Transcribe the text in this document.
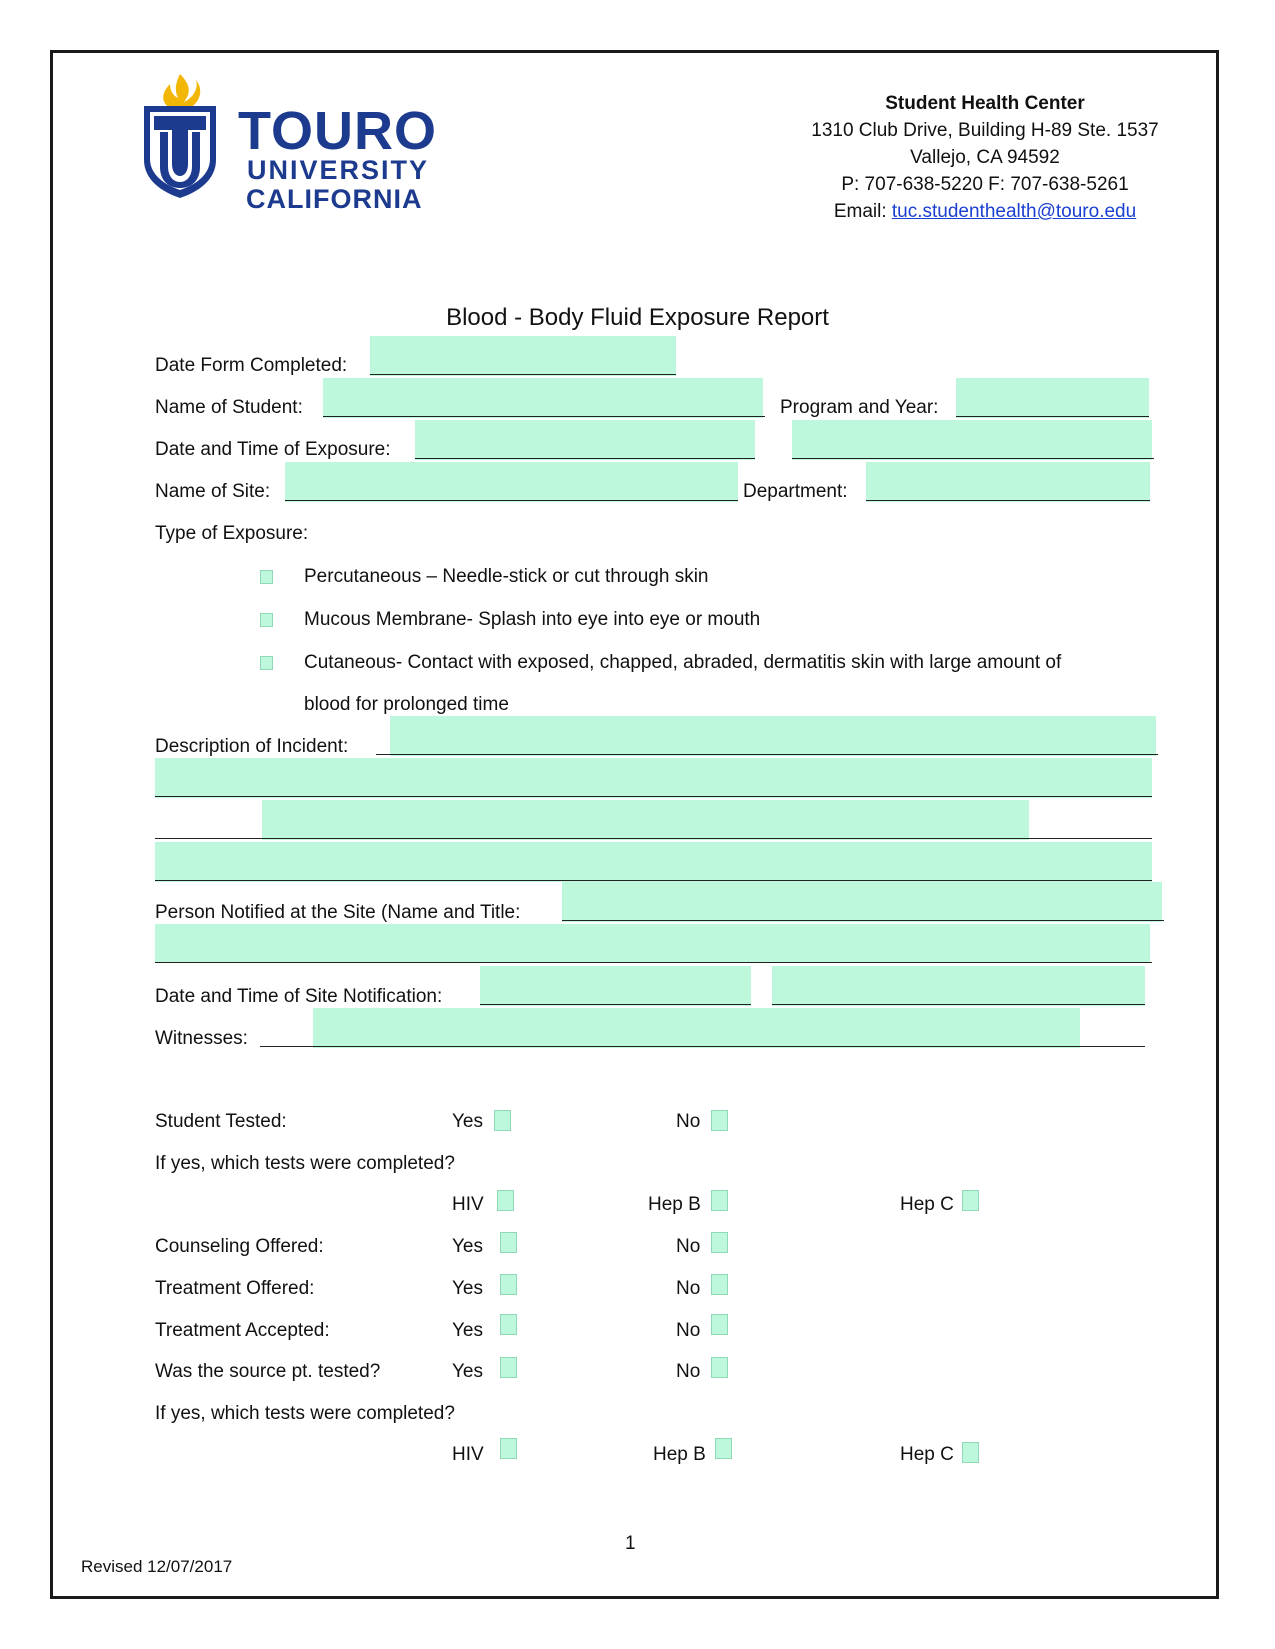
TOURO
UNIVERSITY
CALIFORNIA
Student Health Center
1310 Club Drive, Building H-89 Ste. 1537
Vallejo, CA 94592
P: 707-638-5220 F: 707-638-5261
Email: tuc.studenthealth@touro.edu
Blood - Body Fluid Exposure Report
Date Form Completed:
Name of Student:	Program and Year:
Date and Time of Exposure:
Name of Site:	Department:
Type of Exposure:
Percutaneous – Needle-stick or cut through skin
Mucous Membrane- Splash into eye into eye or mouth
Cutaneous- Contact with exposed, chapped, abraded, dermatitis skin with large amount of
blood for prolonged time
Description of Incident:
Person Notified at the Site (Name and Title:
Date and Time of Site Notification:
Witnesses:
Student Tested:	Yes	No
If yes, which tests were completed?
HIV	Hep B	Hep C
Counseling Offered:	Yes	No
Treatment Offered:	Yes	No
Treatment Accepted:	Yes	No
Was the source pt. tested?	Yes	No
If yes, which tests were completed?
HIV	Hep B	Hep C
1
Revised 12/07/2017
